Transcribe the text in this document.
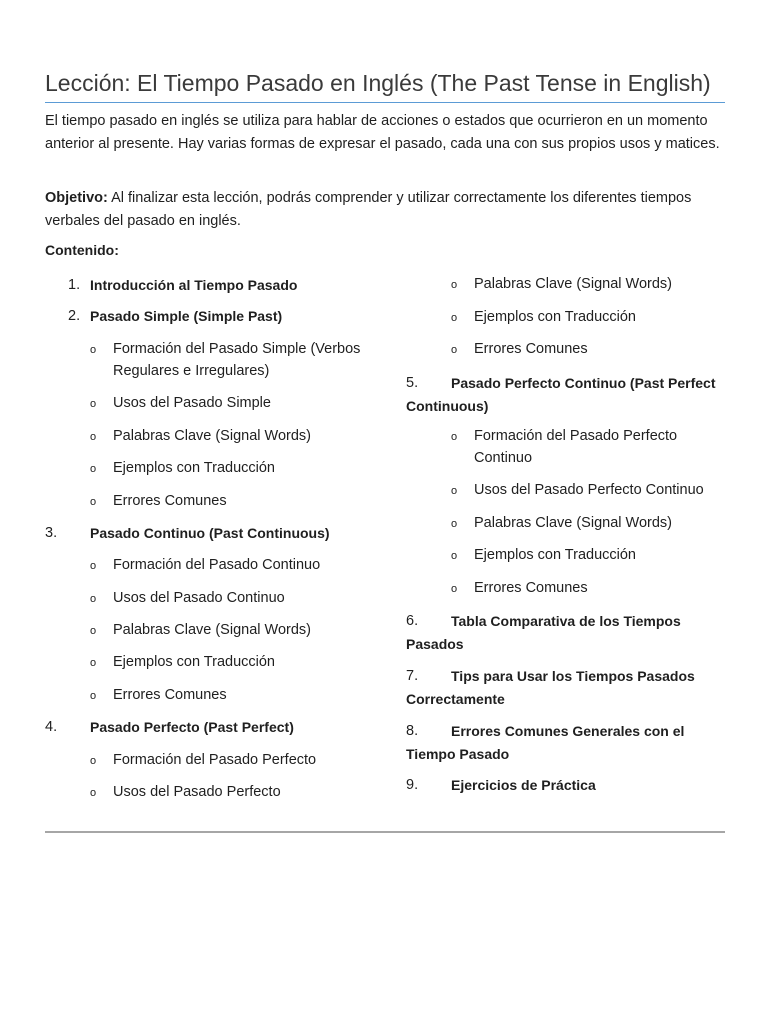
Lección: El Tiempo Pasado en Inglés (The Past Tense in English)

El tiempo pasado en inglés se utiliza para hablar de acciones o estados que ocurrieron en un momento anterior al presente. Hay varias formas de expresar el pasado, cada una con sus propios usos y matices.

Objetivo: Al finalizar esta lección, podrás comprender y utilizar correctamente los diferentes tiempos verbales del pasado en inglés.

Contenido:
1. Introducción al Tiempo Pasado
2. Pasado Simple (Simple Past)
o Formación del Pasado Simple (Verbos Regulares e Irregulares)
o Usos del Pasado Simple
o Palabras Clave (Signal Words)
o Ejemplos con Traducción
o Errores Comunes
3. Pasado Continuo (Past Continuous)
o Formación del Pasado Continuo
o Usos del Pasado Continuo
o Palabras Clave (Signal Words)
o Ejemplos con Traducción
o Errores Comunes
4. Pasado Perfecto (Past Perfect)
o Formación del Pasado Perfecto
o Usos del Pasado Perfecto
o Palabras Clave (Signal Words)
o Ejemplos con Traducción
o Errores Comunes
5. Pasado Perfecto Continuo (Past Perfect Continuous)
o Formación del Pasado Perfecto Continuo
o Usos del Pasado Perfecto Continuo
o Palabras Clave (Signal Words)
o Ejemplos con Traducción
o Errores Comunes
6. Tabla Comparativa de los Tiempos Pasados
7. Tips para Usar los Tiempos Pasados Correctamente
8. Errores Comunes Generales con el Tiempo Pasado
9. Ejercicios de Práctica
